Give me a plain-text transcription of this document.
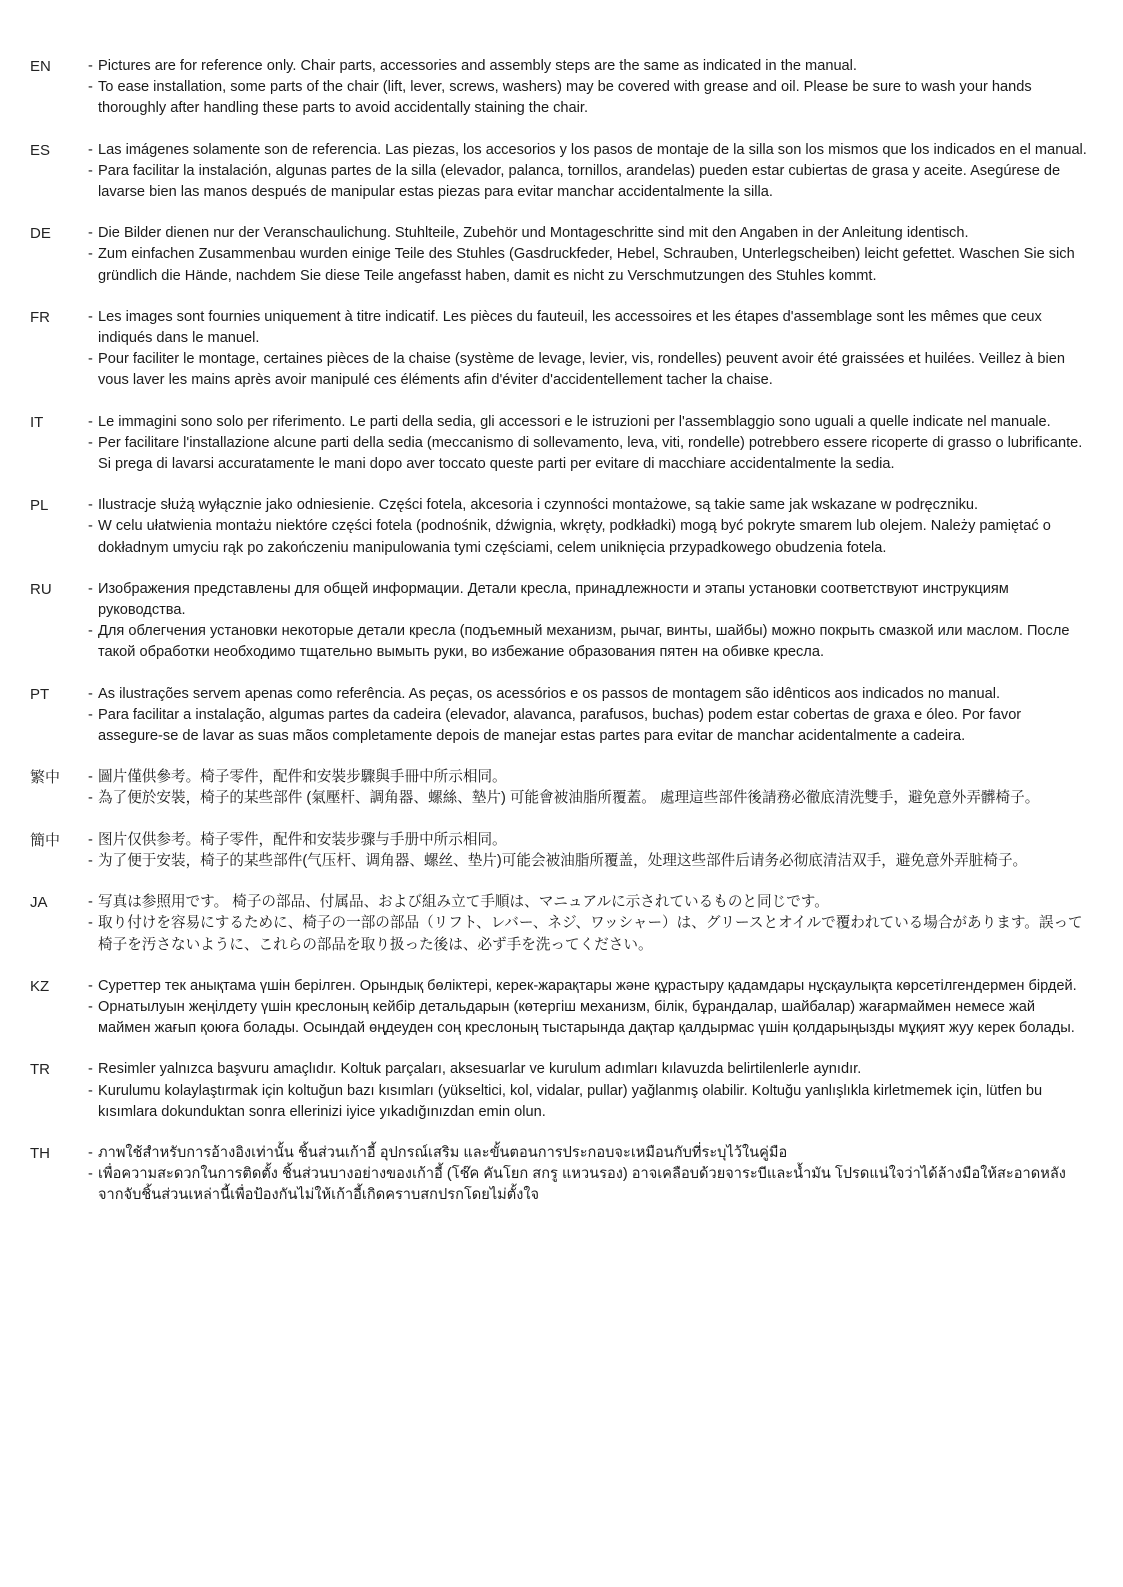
EN	- Pictures are for reference only. Chair parts, accessories and assembly steps are the same as indicated in the manual.
- To ease installation, some parts of the chair (lift, lever, screws, washers) may be covered with grease and oil. Please be sure to wash your hands thoroughly after handling these parts to avoid accidentally staining the chair.
ES	- Las imágenes solamente son de referencia. Las piezas, los accesorios y los pasos de montaje de la silla son los mismos que los indicados en el manual.
- Para facilitar la instalación, algunas partes de la silla (elevador, palanca, tornillos, arandelas) pueden estar cubiertas de grasa y aceite. Asegúrese de lavarse bien las manos después de manipular estas piezas para evitar manchar accidentalmente la silla.
DE	- Die Bilder dienen nur der Veranschaulichung. Stuhlteile, Zubehör und Montageschritte sind mit den Angaben in der Anleitung identisch.
- Zum einfachen Zusammenbau wurden einige Teile des Stuhles (Gasdruckfeder, Hebel, Schrauben, Unterlegscheiben) leicht gefettet. Waschen Sie sich gründlich die Hände, nachdem Sie diese Teile angefasst haben, damit es nicht zu Verschmutzungen des Stuhles kommt.
FR	- Les images sont fournies uniquement à titre indicatif. Les pièces du fauteuil, les accessoires et les étapes d'assemblage sont les mêmes que ceux indiqués dans le manuel.
- Pour faciliter le montage, certaines pièces de la chaise (système de levage, levier, vis, rondelles) peuvent avoir été graissées et huilées. Veillez à bien vous laver les mains après avoir manipulé ces éléments afin d'éviter d'accidentellement tacher la chaise.
IT	- Le immagini sono solo per riferimento. Le parti della sedia, gli accessori e le istruzioni per l'assemblaggio sono uguali a quelle indicate nel manuale.
- Per facilitare l'installazione alcune parti della sedia (meccanismo di sollevamento, leva, viti, rondelle) potrebbero essere ricoperte di grasso o lubrificante. Si prega di lavarsi accuratamente le mani dopo aver toccato queste parti per evitare di macchiare accidentalmente la sedia.
PL	- Ilustracje służą wyłącznie jako odniesienie. Części fotela, akcesoria i czynności montażowe, są takie same jak wskazane w podręczniku.
- W celu ułatwienia montażu niektóre części fotela (podnośnik, dźwignia, wkręty, podkładki) mogą być pokryte smarem lub olejem. Należy pamiętać o dokładnym umyciu rąk po zakończeniu manipulowania tymi częściami, celem uniknięcia przypadkowego obudzenia fotela.
RU	- Изображения представлены для общей информации. Детали кресла, принадлежности и этапы установки соответствуют инструкциям руководства.
- Для облегчения установки некоторые детали кресла (подъемный механизм, рычаг, винты, шайбы) можно покрыть смазкой или маслом. После такой обработки необходимо тщательно вымыть руки, во избежание образования пятен на обивке кресла.
PT	- As ilustrações servem apenas como referência. As peças, os acessórios e os passos de montagem são idênticos aos indicados no manual.
- Para facilitar a instalação, algumas partes da cadeira (elevador, alavanca, parafusos, buchas) podem estar cobertas de graxa e óleo. Por favor assegure-se de lavar as suas mãos completamente depois de manejar estas partes para evitar de manchar acidentalmente a cadeira.
繁中	- 圖片僅供參考。椅子零件，配件和安裝步驟與手冊中所示相同。
- 為了便於安裝，椅子的某些部件 (氣壓杆、調角器、螺絲、墊片) 可能會被油脂所覆蓋。 處理這些部件後請務必徹底清洗雙手，避免意外弄髒椅子。
簡中	- 图片仅供参考。椅子零件，配件和安装步骤与手册中所示相同。
- 为了便于安装，椅子的某些部件(气压杆、调角器、螺丝、垫片)可能会被油脂所覆盖，处理这些部件后请务必彻底清洁双手，避免意外弄脏椅子。
JA	- 写真は参照用です。 椅子の部品、付属品、および組み立て手順は、マニュアルに示されているものと同じです。
- 取り付けを容易にするために、椅子の一部の部品（リフト、レバー、ネジ、ワッシャー）は、グリースとオイルで覆われている場合があります。誤って椅子を汚さないように、これらの部品を取り扱った後は、必ず手を洗ってください。
KZ	- Суреттер тек анықтама үшін берілген. Орындық бөліктері, керек-жарақтары және құрастыру қадамдары нұсқаулықта көрсетілгендермен бірдей.
- Орнатылуын жеңілдету үшін креслоның кейбір детальдарын (көтергіш механизм, білік, бұрандалар, шайбалар) жағармаймен немесе жай маймен жағып қоюға болады. Осындай өңдеуден соң креслоның тыстарында дақтар қалдырмас үшін қолдарыңызды мұқият жуу керек болады.
TR	- Resimler yalnızca başvuru amaçlıdır. Koltuk parçaları, aksesuarlar ve kurulum adımları kılavuzda belirtilenlerle aynıdır.
- Kurulumu kolaylaştırmak için koltuğun bazı kısımları (yükseltici, kol, vidalar, pullar) yağlanmış olabilir. Koltuğu yanlışlıkla kirletmemek için, lütfen bu kısımlara dokunduktan sonra ellerinizi iyice yıkadığınızdan emin olun.
TH	- ภาพใช้สำหรับการอ้างอิงเท่านั้น ชิ้นส่วนเก้าอี้ อุปกรณ์เสริม และขั้นตอนการประกอบจะเหมือนกับที่ระบุไว้ในคู่มือ
- เพื่อความสะดวกในการติดตั้ง ชิ้นส่วนบางอย่างของเก้าอี้ (โช๊ค คันโยก สกรู แหวนรอง) อาจเคลือบด้วยจาระบีและน้ำมัน โปรดแน่ใจว่าได้ล้างมือให้สะอาดหลังจากจับชิ้นส่วนเหล่านี้เพื่อป้องกันไม่ให้เก้าอี้เกิดคราบสกปรกโดยไม่ตั้งใจ
